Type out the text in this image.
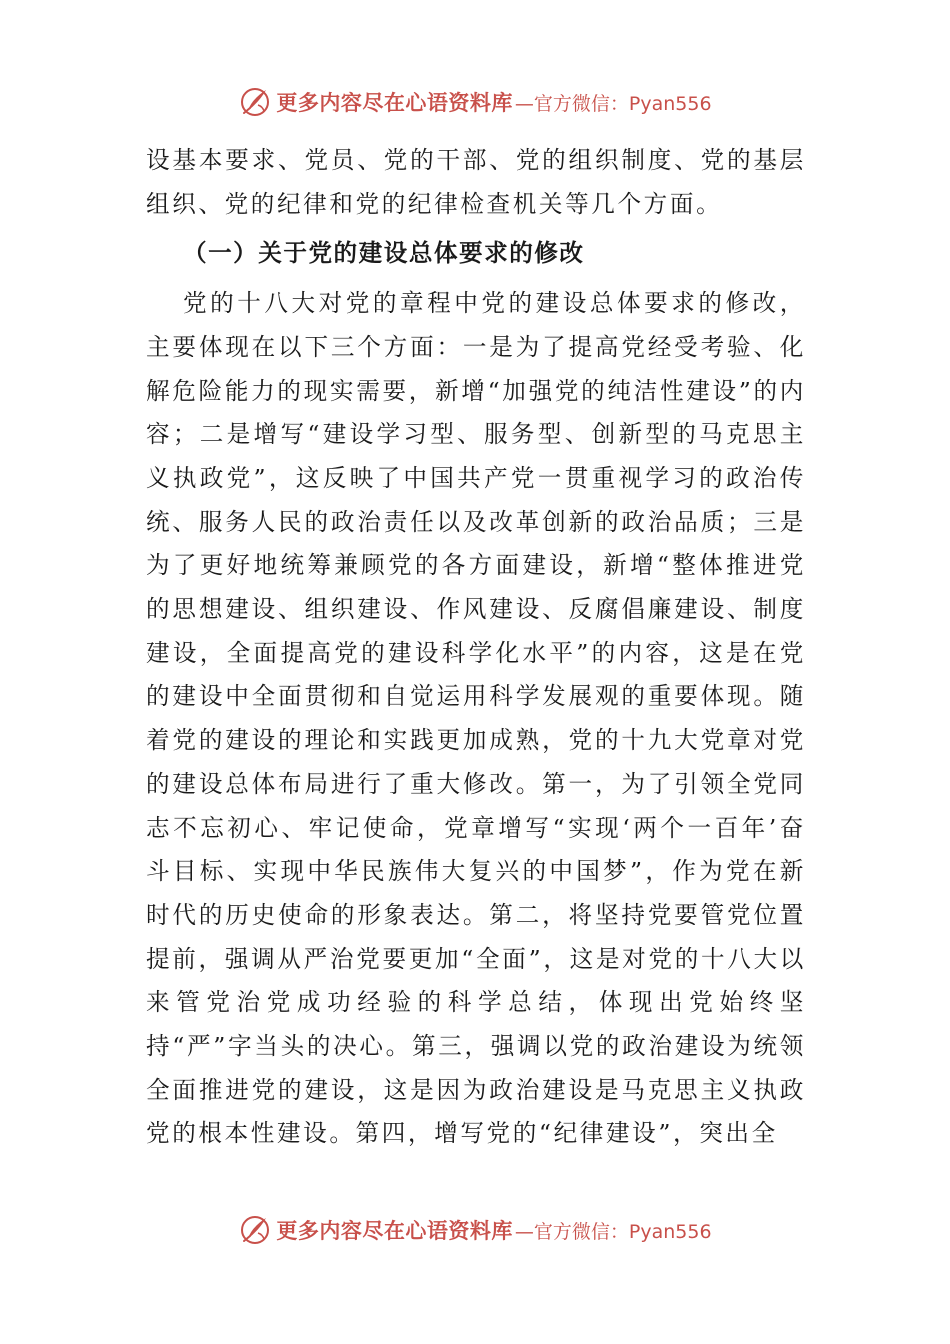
更多内容尽在心语资料库 —官方微信：Pyan556

设基本要求、党员、党的干部、党的组织制度、党的基层组织、党的纪律和党的纪律检查机关等几个方面。

（一）关于党的建设总体要求的修改

党的十八大对党的章程中党的建设总体要求的修改，主要体现在以下三个方面：一是为了提高党经受考验、化解危险能力的现实需要，新增“加强党的纯洁性建设”的内容；二是增写“建设学习型、服务型、创新型的马克思主义执政党”，这反映了中国共产党一贯重视学习的政治传统、服务人民的政治责任以及改革创新的政治品质；三是为了更好地统筹兼顾党的各方面建设，新增“整体推进党的思想建设、组织建设、作风建设、反腐倡廉建设、制度建设，全面提高党的建设科学化水平”的内容，这是在党的建设中全面贯彻和自觉运用科学发展观的重要体现。随着党的建设的理论和实践更加成熟，党的十九大党章对党的建设总体布局进行了重大修改。第一，为了引领全党同志不忘初心、牢记使命，党章增写“实现‘两个一百年’奋斗目标、实现中华民族伟大复兴的中国梦”，作为党在新时代的历史使命的形象表达。第二，将坚持党要管党位置提前，强调从严治党要更加“全面”，这是对党的十八大以来管党治党成功经验的科学总结，体现出党始终坚持“严”字当头的决心。第三，强调以党的政治建设为统领全面推进党的建设，这是因为政治建设是马克思主义执政党的根本性建设。第四，增写党的“纪律建设”，突出全

更多内容尽在心语资料库 —官方微信：Pyan556
